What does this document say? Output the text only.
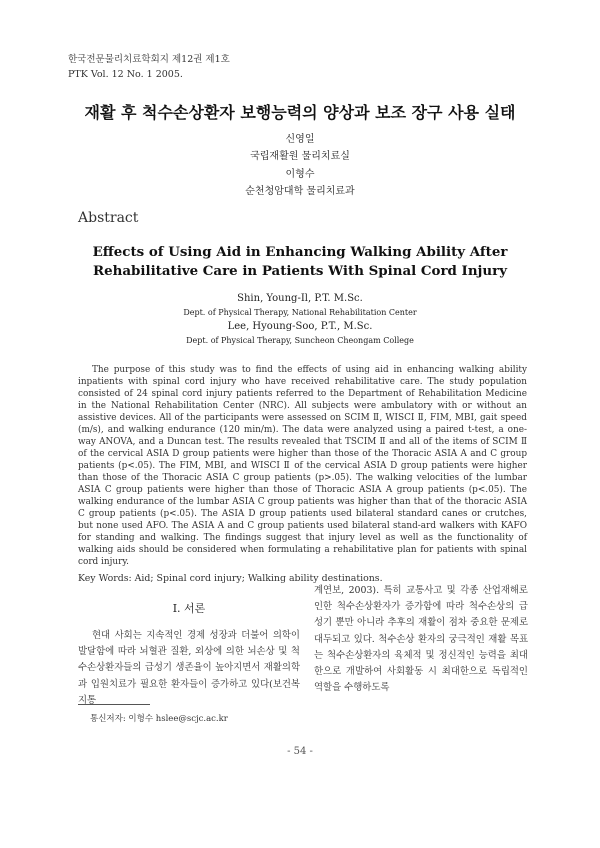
한국전문물리치료학회지 제12권 제1호
PTK Vol. 12 No. 1 2005.
재활 후 척수손상환자 보행능력의 양상과 보조 장구 사용 실태
신영일
국립재활원 물리치료실
이형수
순천청암대학 물리치료과
Abstract
Effects of Using Aid in Enhancing Walking Ability After
Rehabilitative Care in Patients With Spinal Cord Injury
Shin, Young-Il, P.T. M.Sc.
Dept. of Physical Therapy, National Rehabilitation Center
Lee, Hyoung-Soo, P.T., M.Sc.
Dept. of Physical Therapy, Suncheon Cheongam College

The purpose of this study was to find the effects of using aid in enhancing walking ability inpatients with spinal cord injury who have received rehabilitative care. The study population consisted of 24 spinal cord injury patients referred to the Department of Rehabilitation Medicine in the National Rehabilitation Center (NRC). All subjects were ambulatory with or without an assistive devices. All of the participants were assessed on SCIM Ⅱ, WISCI Ⅱ, FIM, MBI, gait speed (m/s), and walking endurance (120 min/m). The data were analyzed using a paired t-test, a one-way ANOVA, and a Duncan test. The results revealed that TSCIM Ⅱ and all of the items of SCIM Ⅱ of the cervical ASIA D group patients were higher than those of the Thoracic ASIA A and C group patients (p<.05). The FIM, MBI, and WISCI Ⅱ of the cervical ASIA D group patients were higher than those of the Thoracic ASIA C group patients (p>.05). The walking velocities of the lumbar ASIA C group patients were higher than those of Thoracic ASIA A group patients (p<.05). The walking endurance of the lumbar ASIA C group patients was higher than that of the thoracic ASIA C group patients (p<.05). The ASIA D group patients used bilateral standard canes or crutches, but none used AFO. The ASIA A and C group patients used bilateral stand-ard walkers with KAFO for standing and walking. The findings suggest that injury level as well as the functionality of walking aids should be considered when formulating a rehabilitative plan for patients with spinal cord injury.

Key Words: Aid; Spinal cord injury; Walking ability destinations.
Ⅰ. 서론

현대 사회는 지속적인 경제 성장과 더불어 의학이 발달함에 따라 뇌혈관 질환, 외상에 의한 뇌손상 및 척수손상환자들의 급성기 생존율이 높아지면서 재활의학과 입원치료가 필요한 환자들이 증가하고 있다(보건복지통

계연보, 2003). 특히 교통사고 및 각종 산업재해로 인한 척수손상환자가 증가함에 따라 척수손상의 급성기 뿐만 아니라 추후의 재활이 점차 중요한 문제로 대두되고 있다. 척수손상 환자의 궁극적인 재활 목표는 척수손상환자의 육체적 및 정신적인 능력을 최대한으로 개발하여 사회활동 시 최대한으로 독립적인 역할을 수행하도록

통신저자: 이형수 hslee@scjc.ac.kr
- 54 -
